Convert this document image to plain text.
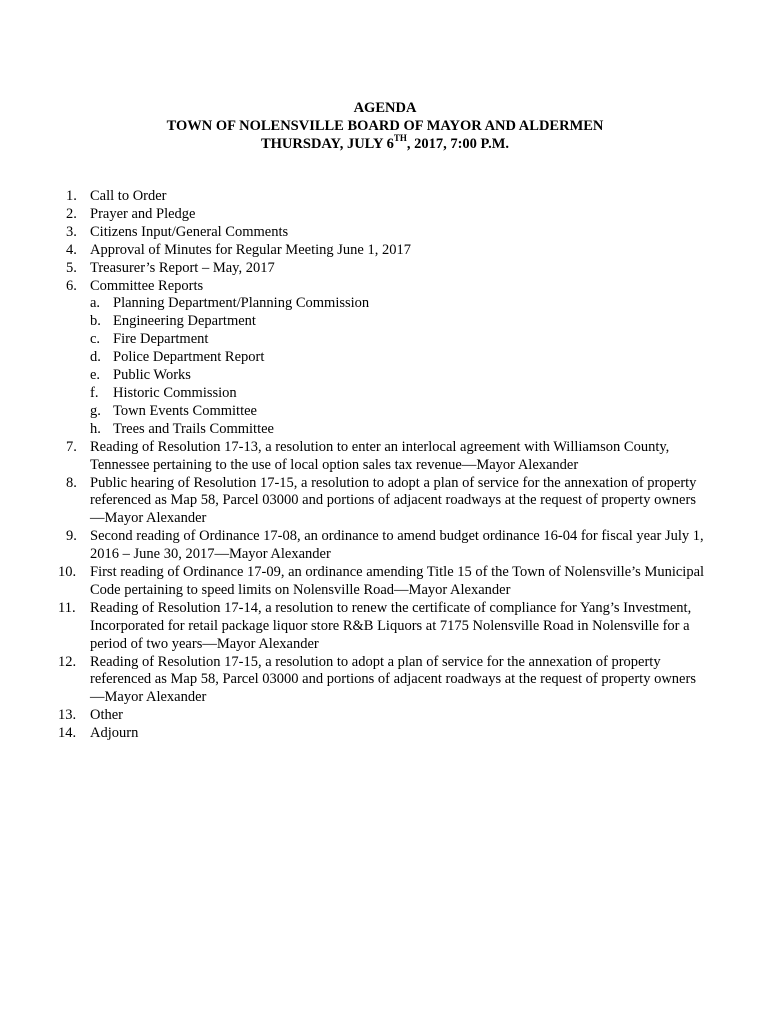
AGENDA
TOWN OF NOLENSVILLE BOARD OF MAYOR AND ALDERMEN
THURSDAY, JULY 6TH, 2017, 7:00 P.M.
1. Call to Order
2. Prayer and Pledge
3. Citizens Input/General Comments
4. Approval of Minutes for Regular Meeting June 1, 2017
5. Treasurer’s Report – May, 2017
6. Committee Reports
a. Planning Department/Planning Commission
b. Engineering Department
c. Fire Department
d. Police Department Report
e. Public Works
f.	Historic Commission
g. Town Events Committee
h. Trees and Trails Committee
7. Reading of Resolution 17-13, a resolution to enter an interlocal agreement with Williamson County, Tennessee pertaining to the use of local option sales tax revenue—Mayor Alexander
8. Public hearing of Resolution 17-15, a resolution to adopt a plan of service for the annexation of property referenced as Map 58, Parcel 03000 and portions of adjacent roadways at the request of property owners—Mayor Alexander
9. Second reading of Ordinance 17-08, an ordinance to amend budget ordinance 16-04 for fiscal year July 1, 2016 – June 30, 2017—Mayor Alexander
10. First reading of Ordinance 17-09, an ordinance amending Title 15 of the Town of Nolensville’s Municipal Code pertaining to speed limits on Nolensville Road—Mayor Alexander
11. Reading of Resolution 17-14, a resolution to renew the certificate of compliance for Yang’s Investment, Incorporated for retail package liquor store R&B Liquors at 7175 Nolensville Road in Nolensville for a period of two years—Mayor Alexander
12. Reading of Resolution 17-15, a resolution to adopt a plan of service for the annexation of property referenced as Map 58, Parcel 03000 and portions of adjacent roadways at the request of property owners—Mayor Alexander
13. Other
14. Adjourn
